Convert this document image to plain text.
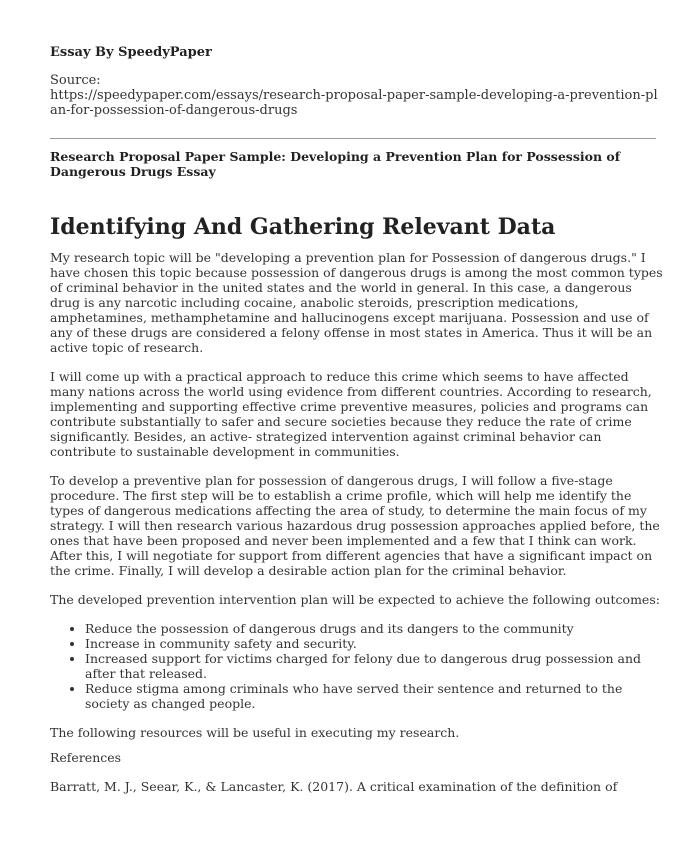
Essay By SpeedyPaper
Source:
https://speedypaper.com/essays/research-proposal-paper-sample-developing-a-prevention-plan-for-possession-of-dangerous-drugs
Research Proposal Paper Sample: Developing a Prevention Plan for Possession of Dangerous Drugs Essay
Identifying And Gathering Relevant Data

My research topic will be "developing a prevention plan for Possession of dangerous drugs." I have chosen this topic because possession of dangerous drugs is among the most common types of criminal behavior in the united states and the world in general. In this case, a dangerous drug is any narcotic including cocaine, anabolic steroids, prescription medications, amphetamines, methamphetamine and hallucinogens except marijuana. Possession and use of any of these drugs are considered a felony offense in most states in America. Thus it will be an active topic of research.

I will come up with a practical approach to reduce this crime which seems to have affected many nations across the world using evidence from different countries. According to research, implementing and supporting effective crime preventive measures, policies and programs can contribute substantially to safer and secure societies because they reduce the rate of crime significantly. Besides, an active- strategized intervention against criminal behavior can contribute to sustainable development in communities.

To develop a preventive plan for possession of dangerous drugs, I will follow a five-stage procedure. The first step will be to establish a crime profile, which will help me identify the types of dangerous medications affecting the area of study, to determine the main focus of my strategy. I will then research various hazardous drug possession approaches applied before, the ones that have been proposed and never been implemented and a few that I think can work. After this, I will negotiate for support from different agencies that have a significant impact on the crime. Finally, I will develop a desirable action plan for the criminal behavior.

The developed prevention intervention plan will be expected to achieve the following outcomes:

• Reduce the possession of dangerous drugs and its dangers to the community
• Increase in community safety and security.
• Increased support for victims charged for felony due to dangerous drug possession and after that released.
• Reduce stigma among criminals who have served their sentence and returned to the society as changed people.

The following resources will be useful in executing my research.

References
Barratt, M. J., Seear, K., & Lancaster, K. (2017). A critical examination of the definition of
